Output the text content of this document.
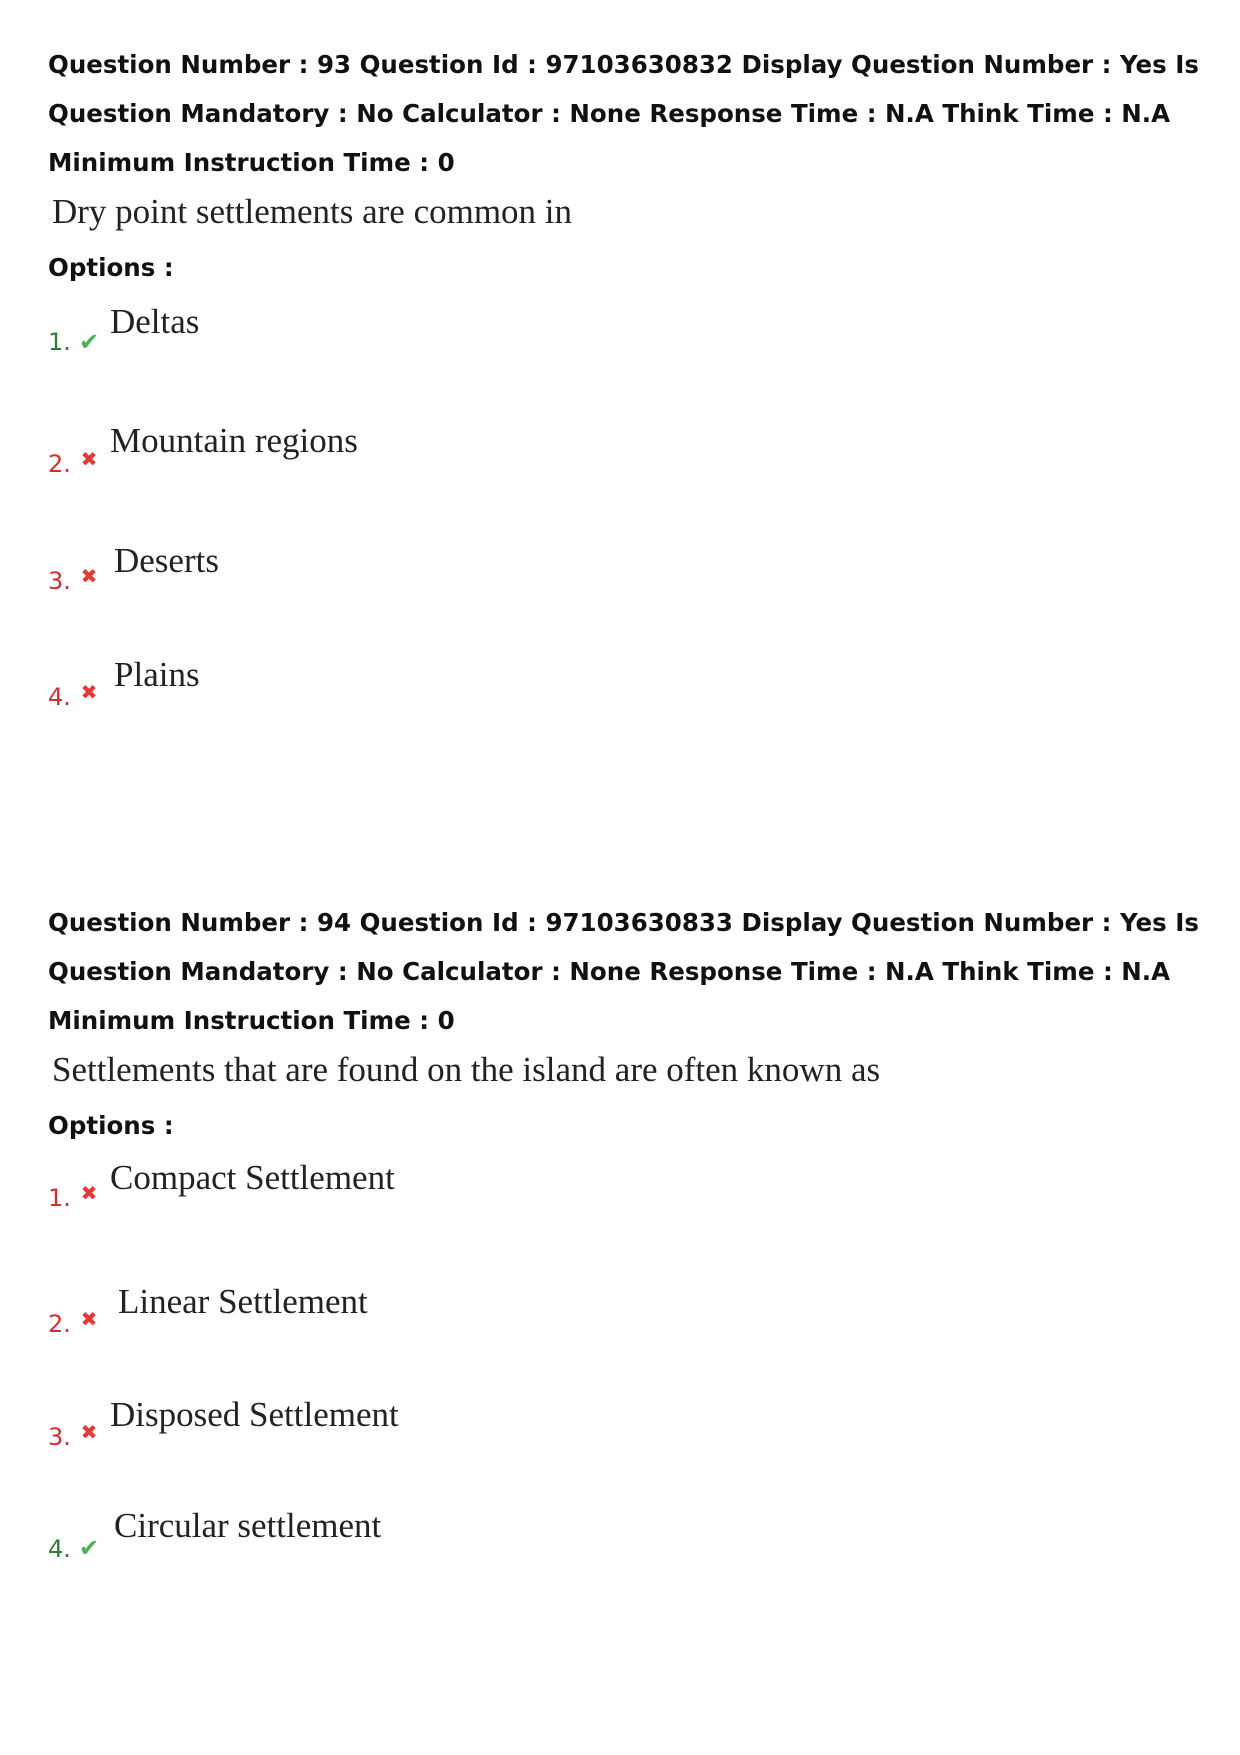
Question Number : 93 Question Id : 97103630832 Display Question Number : Yes Is Question Mandatory : No Calculator : None Response Time : N.A Think Time : N.A Minimum Instruction Time : 0

Dry point settlements are common in

Options :

1. ✔
Deltas
2. ✖ Mountain regions
3. ✖ Deserts
4. ✖ Plains

Question Number : 94 Question Id : 97103630833 Display Question Number : Yes Is Question Mandatory : No Calculator : None Response Time : N.A Think Time : N.A Minimum Instruction Time : 0

Settlements that are found on the island are often known as

Options :

1. ✖ Compact Settlement
2. ✖ Linear Settlement
3. ✖ Disposed Settlement
4. ✔
Circular settlement
